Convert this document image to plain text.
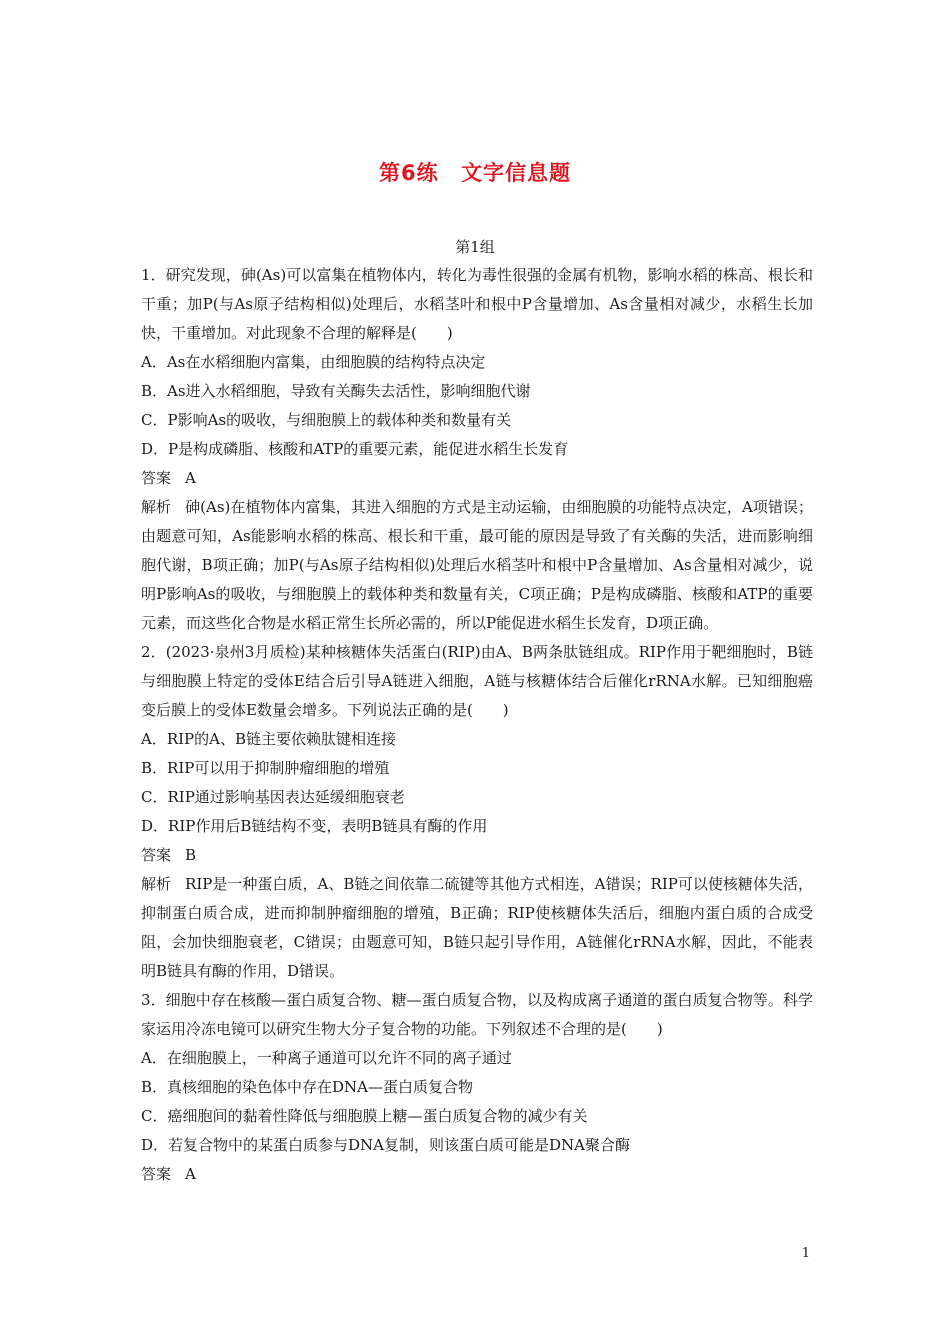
第6练 文字信息题
第1组

1．研究发现，砷(As)可以富集在植物体内，转化为毒性很强的金属有机物，影响水稻的株高、根长和干重；加P(与As原子结构相似)处理后，水稻茎叶和根中P含量增加、As含量相对减少，水稻生长加快，干重增加。对此现象不合理的解释是(　　)

A．As在水稻细胞内富集，由细胞膜的结构特点决定

B．As进入水稻细胞，导致有关酶失去活性，影响细胞代谢

C．P影响As的吸收，与细胞膜上的载体种类和数量有关

D．P是构成磷脂、核酸和ATP的重要元素，能促进水稻生长发育

答案 A

解析 砷(As)在植物体内富集，其进入细胞的方式是主动运输，由细胞膜的功能特点决定，A项错误；由题意可知，As能影响水稻的株高、根长和干重，最可能的原因是导致了有关酶的失活，进而影响细胞代谢，B项正确；加P(与As原子结构相似)处理后水稻茎叶和根中P含量增加、As含量相对减少，说明P影响As的吸收，与细胞膜上的载体种类和数量有关，C项正确；P是构成磷脂、核酸和ATP的重要元素，而这些化合物是水稻正常生长所必需的，所以P能促进水稻生长发育，D项正确。

2．(2023·泉州3月质检)某种核糖体失活蛋白(RIP)由A、B两条肽链组成。RIP作用于靶细胞时，B链与细胞膜上特定的受体E结合后引导A链进入细胞，A链与核糖体结合后催化rRNA水解。已知细胞癌变后膜上的受体E数量会增多。下列说法正确的是(　　)

A．RIP的A、B链主要依赖肽键相连接

B．RIP可以用于抑制肿瘤细胞的增殖

C．RIP通过影响基因表达延缓细胞衰老

D．RIP作用后B链结构不变，表明B链具有酶的作用

答案 B

解析 RIP是一种蛋白质，A、B链之间依靠二硫键等其他方式相连，A错误；RIP可以使核糖体失活，抑制蛋白质合成，进而抑制肿瘤细胞的增殖，B正确；RIP使核糖体失活后，细胞内蛋白质的合成受阻，会加快细胞衰老，C错误；由题意可知，B链只起引导作用，A链催化rRNA水解，因此，不能表明B链具有酶的作用，D错误。

3．细胞中存在核酸—蛋白质复合物、糖—蛋白质复合物，以及构成离子通道的蛋白质复合物等。科学家运用冷冻电镜可以研究生物大分子复合物的功能。下列叙述不合理的是(　　)

A．在细胞膜上，一种离子通道可以允许不同的离子通过

B．真核细胞的染色体中存在DNA—蛋白质复合物

C．癌细胞间的黏着性降低与细胞膜上糖—蛋白质复合物的减少有关

D．若复合物中的某蛋白质参与DNA复制，则该蛋白质可能是DNA聚合酶

答案 A

1
